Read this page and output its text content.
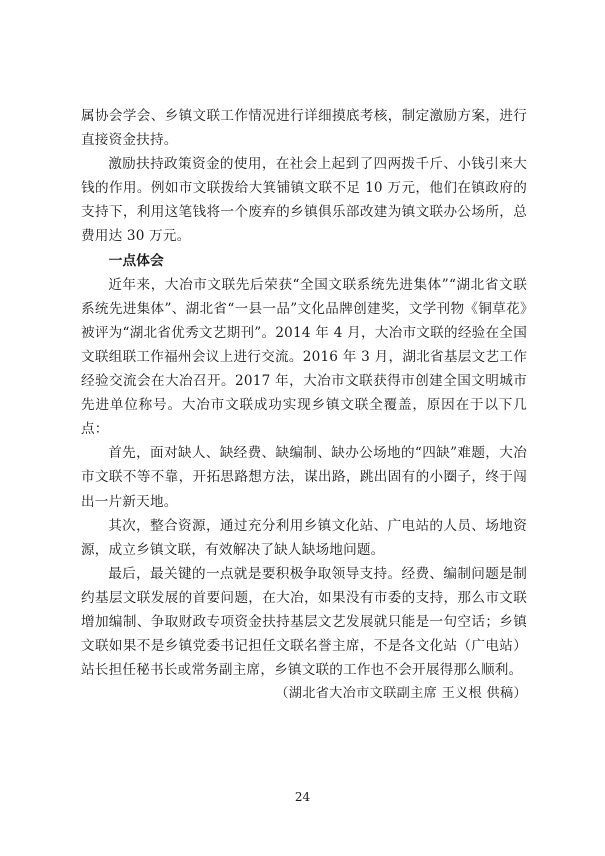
属协会学会、乡镇文联工作情况进行详细摸底考核，制定激励方案，进行直接资金扶持。

激励扶持政策资金的使用，在社会上起到了四两拨千斤、小钱引来大钱的作用。例如市文联拨给大箕铺镇文联不足 10 万元，他们在镇政府的支持下，利用这笔钱将一个废弃的乡镇俱乐部改建为镇文联办公场所，总费用达 30 万元。

一点体会

近年来，大冶市文联先后荣获“全国文联系统先进集体”“湖北省文联系统先进集体”、湖北省“一县一品”文化品牌创建奖，文学刊物《铜草花》被评为“湖北省优秀文艺期刊”。2014 年 4 月，大冶市文联的经验在全国文联组联工作福州会议上进行交流。2016 年 3 月，湖北省基层文艺工作经验交流会在大冶召开。2017 年，大冶市文联获得市创建全国文明城市先进单位称号。大冶市文联成功实现乡镇文联全覆盖，原因在于以下几点：

首先，面对缺人、缺经费、缺编制、缺办公场地的“四缺”难题，大冶市文联不等不靠，开拓思路想方法，谋出路，跳出固有的小圈子，终于闯出一片新天地。

其次，整合资源，通过充分利用乡镇文化站、广电站的人员、场地资源，成立乡镇文联，有效解决了缺人缺场地问题。

最后，最关键的一点就是要积极争取领导支持。经费、编制问题是制约基层文联发展的首要问题，在大冶，如果没有市委的支持，那么市文联增加编制、争取财政专项资金扶持基层文艺发展就只能是一句空话；乡镇文联如果不是乡镇党委书记担任文联名誉主席，不是各文化站（广电站）站长担任秘书长或常务副主席，乡镇文联的工作也不会开展得那么顺利。

（湖北省大冶市文联副主席 王义根 供稿）

24
